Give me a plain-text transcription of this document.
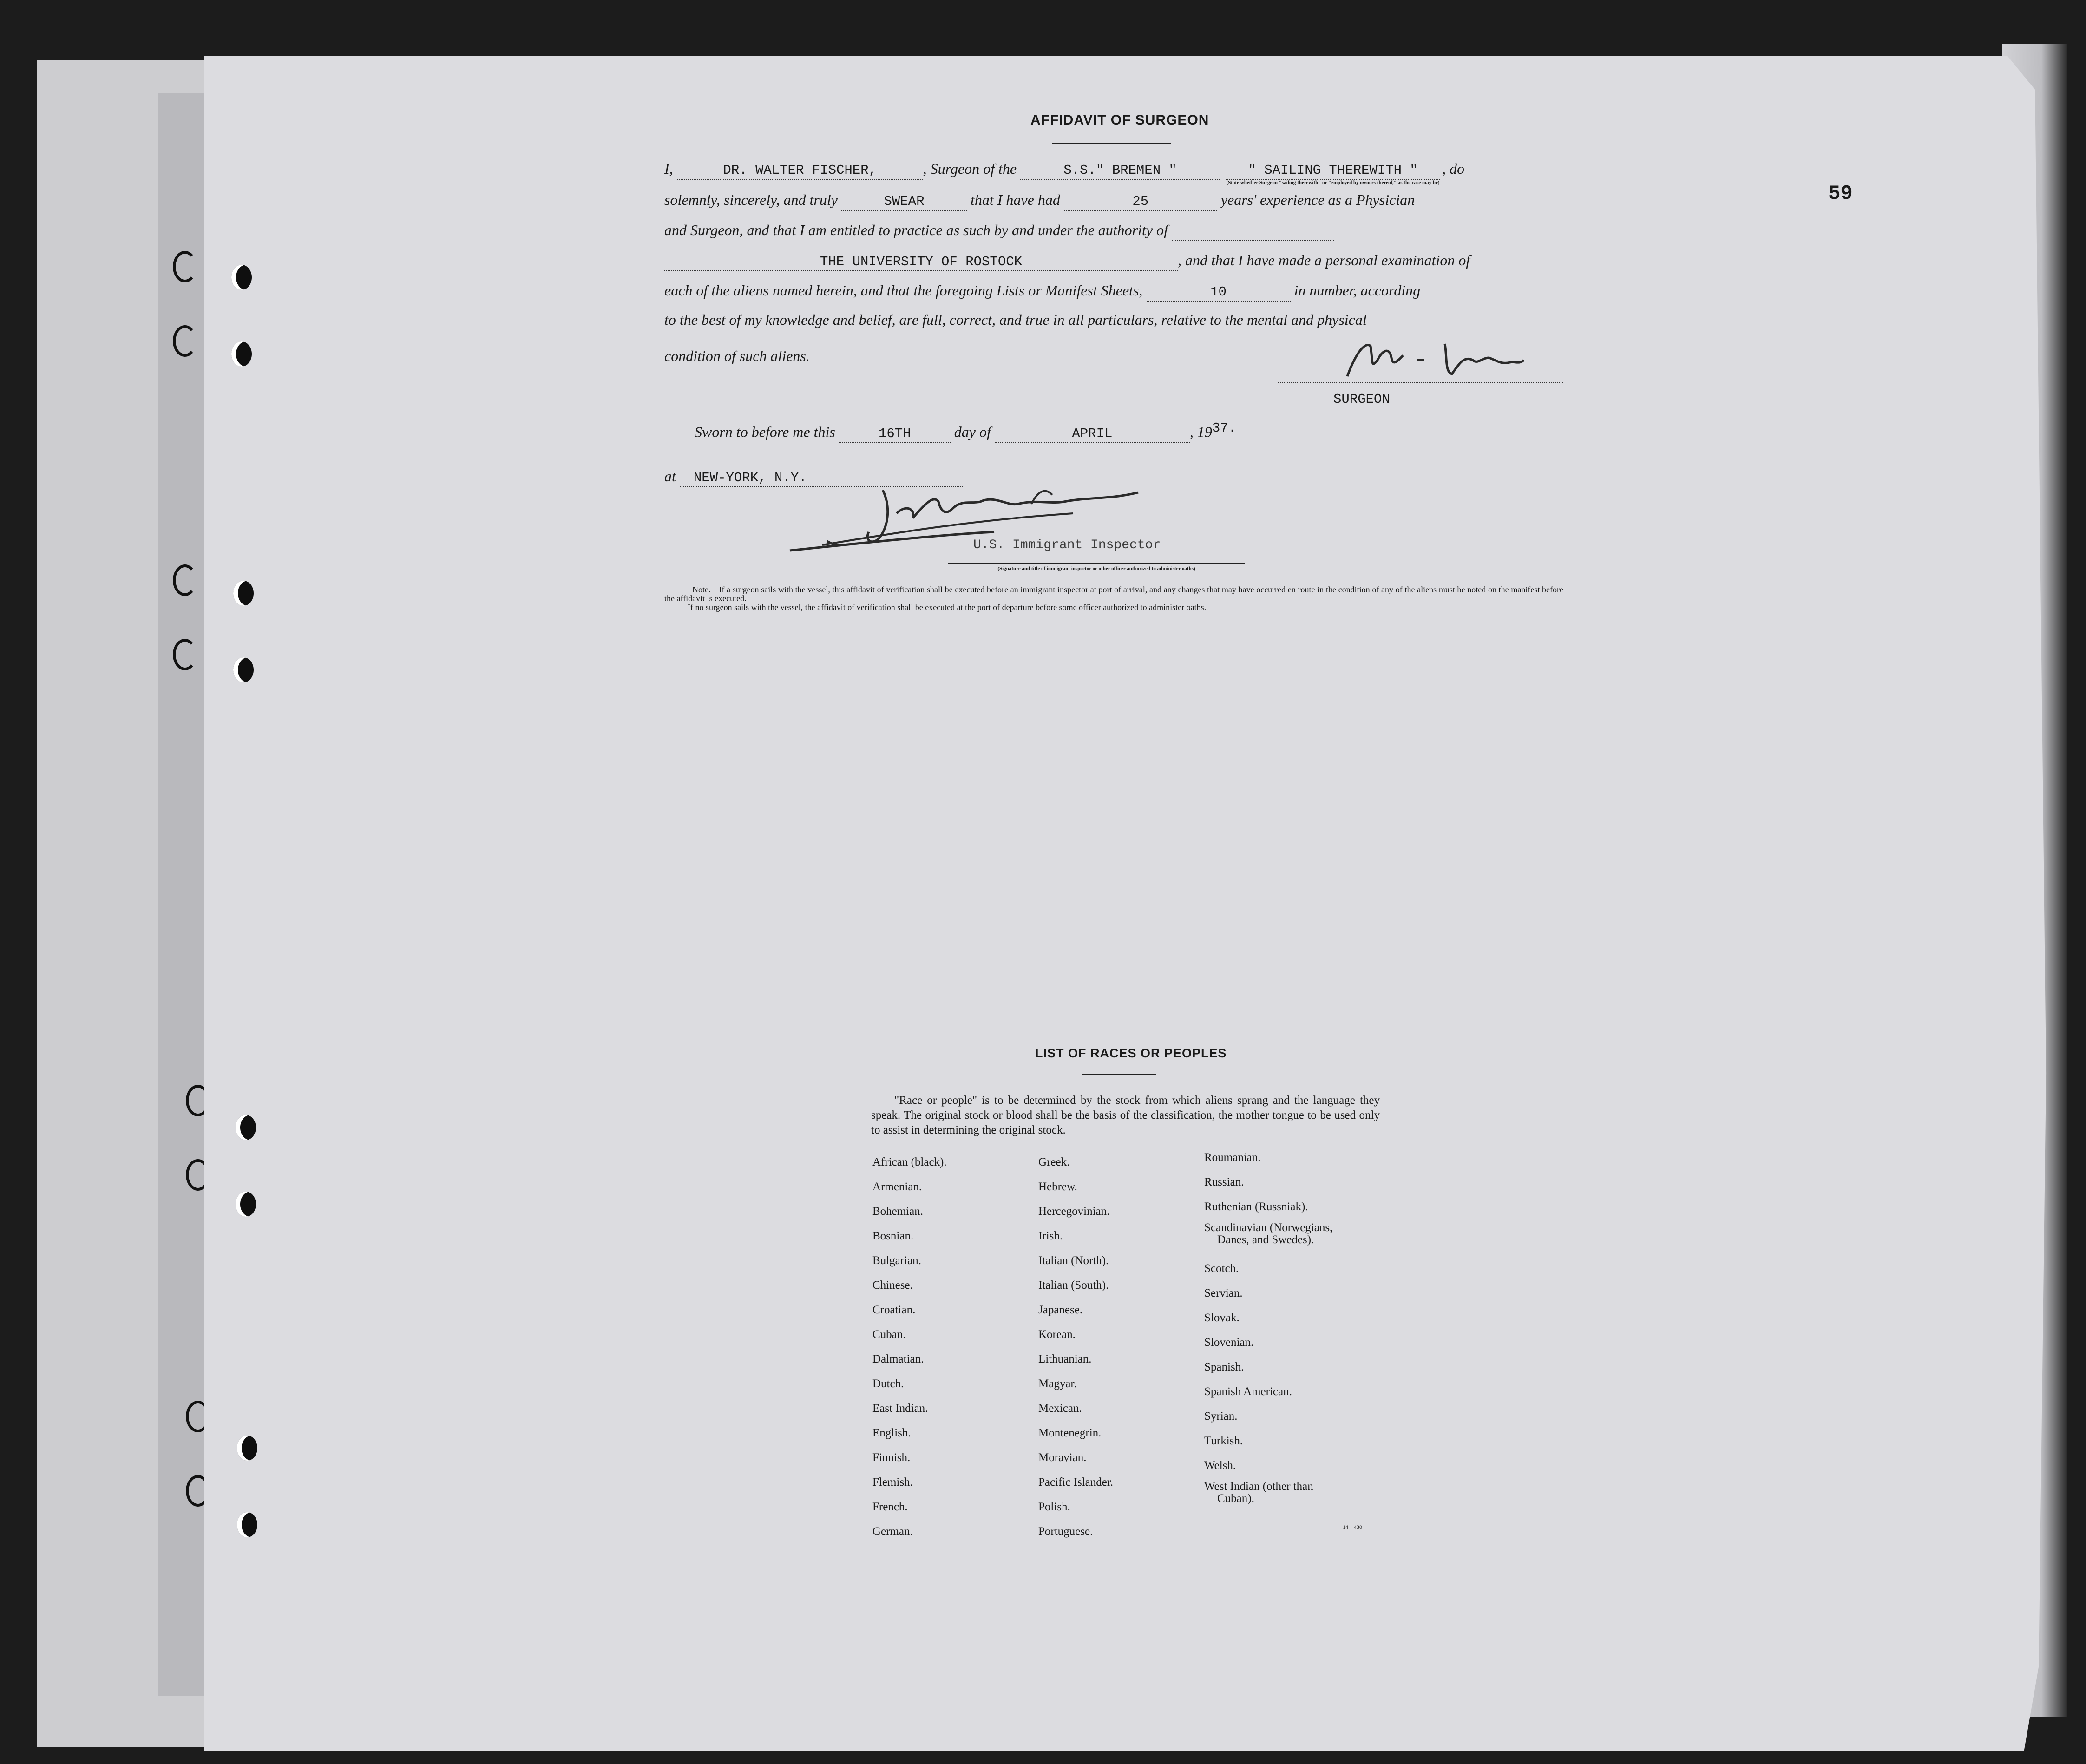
59
AFFIDAVIT OF SURGEON
I,	DR. WALTER FISCHER,	, Surgeon of the	S.S." BREMEN "	" SAILING THEREWITH "
(State whether Surgeon "sailing therewith" or "employed by owners thereof," as the case may be)
, do
solemnly, sincerely, and truly	SWEAR	that I have had	25	years' experience as a Physician
and Surgeon, and that I am entitled to practice as such by and under the authority of
THE UNIVERSITY OF ROSTOCK	, and that I have made a personal examination of
each of the aliens named herein, and that the foregoing Lists or Manifest Sheets,	10	in number, according
to the best of my knowledge and belief, are full, correct, and true in all particulars, relative to the mental and physical
condition of such aliens.
SURGEON
Sworn to before me this	16TH	day of	APRIL	, 1937.
at NEW-YORK, N.Y.
U.S. Immigrant Inspector
(Signature and title of immigrant inspector or other officer authorized to administer oaths)
Note.—If a surgeon sails with the vessel, this affidavit of verification shall be executed before an immigrant inspector at port of arrival, and any changes that may have occurred en route in the condition of any of the aliens must be noted on the manifest before the affidavit is executed.
If no surgeon sails with the vessel, the affidavit of verification shall be executed at the port of departure before some officer authorized to administer oaths.
LIST OF RACES OR PEOPLES
"Race or people" is to be determined by the stock from which aliens sprang and the language they speak. The original stock or blood shall be the basis of the classification, the mother tongue to be used only to assist in determining the original stock.
African (black).
Armenian.
Bohemian.
Bosnian.
Bulgarian.
Chinese.
Croatian.
Cuban.
Dalmatian.
Dutch.
East Indian.
English.
Finnish.
Flemish.
French.
German.
Greek.
Hebrew.
Hercegovinian.
Irish.
Italian (North).
Italian (South).
Japanese.
Korean.
Lithuanian.
Magyar.
Mexican.
Montenegrin.
Moravian.
Pacific Islander.
Polish.
Portuguese.
Roumanian.
Russian.
Ruthenian (Russniak).
Scandinavian (Norwegians,
Danes, and Swedes).
Scotch.
Servian.
Slovak.
Slovenian.
Spanish.
Spanish American.
Syrian.
Turkish.
Welsh.
West Indian (other than
Cuban).
14—430
